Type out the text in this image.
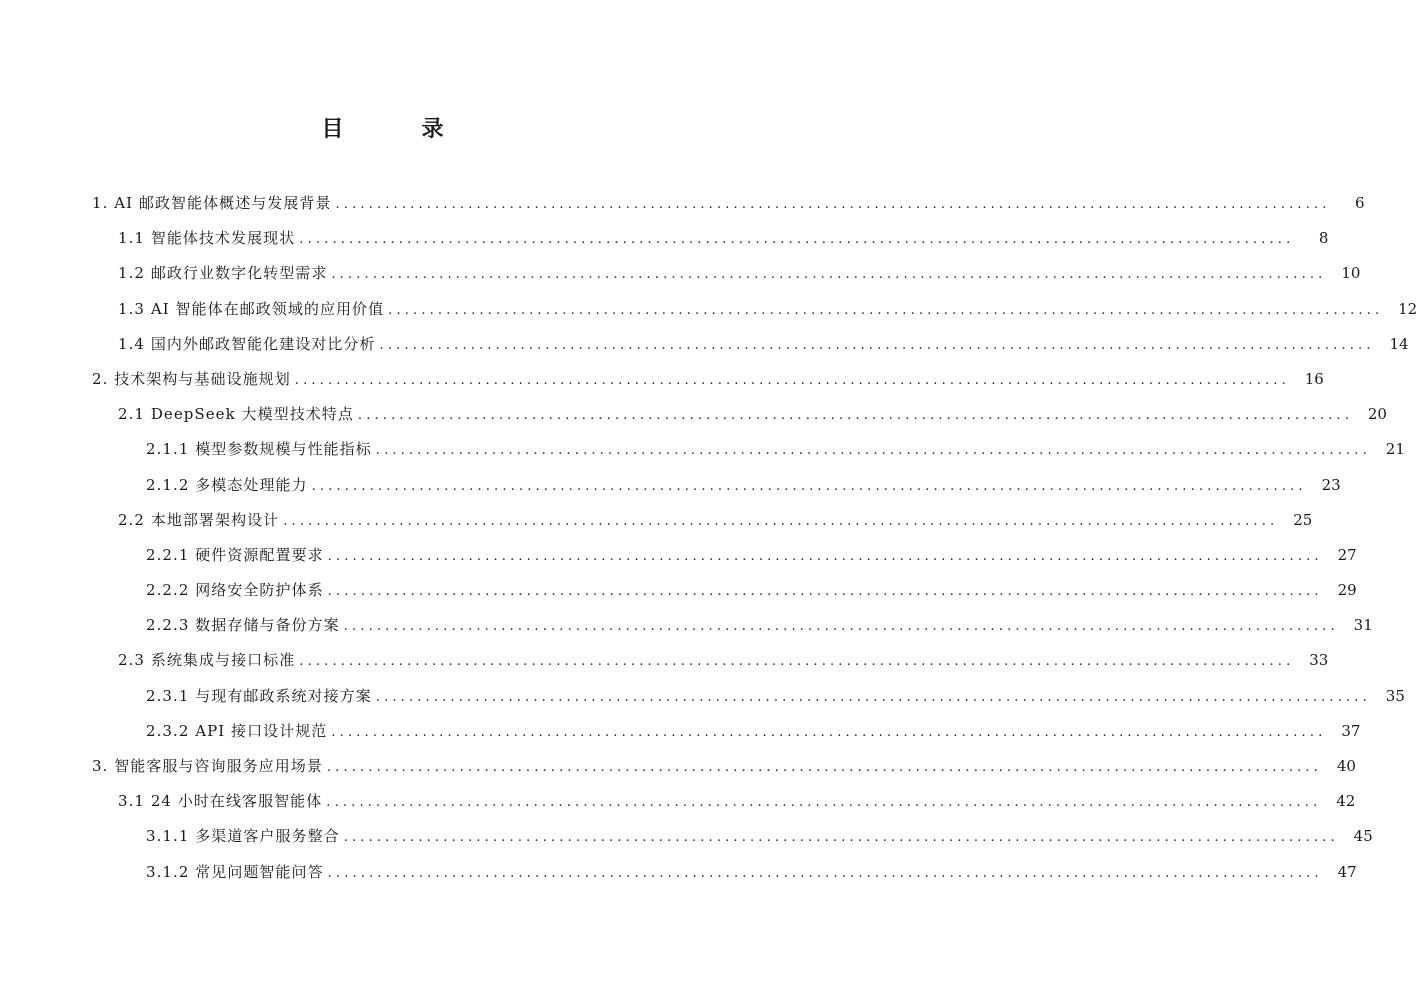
目 录
1. AI 邮政智能体概述与发展背景 ........................................................................................................................	6
1.1 智能体技术发展现状 ........................................................................................................................	8
1.2 邮政行业数字化转型需求 ........................................................................................................................ 10
1.3 AI 智能体在邮政领域的应用价值 ........................................................................................................................ 12
1.4 国内外邮政智能化建设对比分析 ........................................................................................................................ 14
2. 技术架构与基础设施规划 ........................................................................................................................ 16
2.1 DeepSeek 大模型技术特点 ........................................................................................................................ 20
2.1.1 模型参数规模与性能指标 ........................................................................................................................ 21
2.1.2 多模态处理能力 ........................................................................................................................ 23
2.2 本地部署架构设计 ........................................................................................................................ 25
2.2.1 硬件资源配置要求 ........................................................................................................................ 27
2.2.2 网络安全防护体系 ........................................................................................................................ 29
2.2.3 数据存储与备份方案 ........................................................................................................................ 31
2.3 系统集成与接口标准 ........................................................................................................................ 33
2.3.1 与现有邮政系统对接方案 ........................................................................................................................ 35
2.3.2 API 接口设计规范 ........................................................................................................................ 37
3. 智能客服与咨询服务应用场景 ........................................................................................................................ 40
3.1 24 小时在线客服智能体 ........................................................................................................................ 42
3.1.1 多渠道客户服务整合 ........................................................................................................................ 45
3.1.2 常见问题智能问答 ........................................................................................................................ 47
